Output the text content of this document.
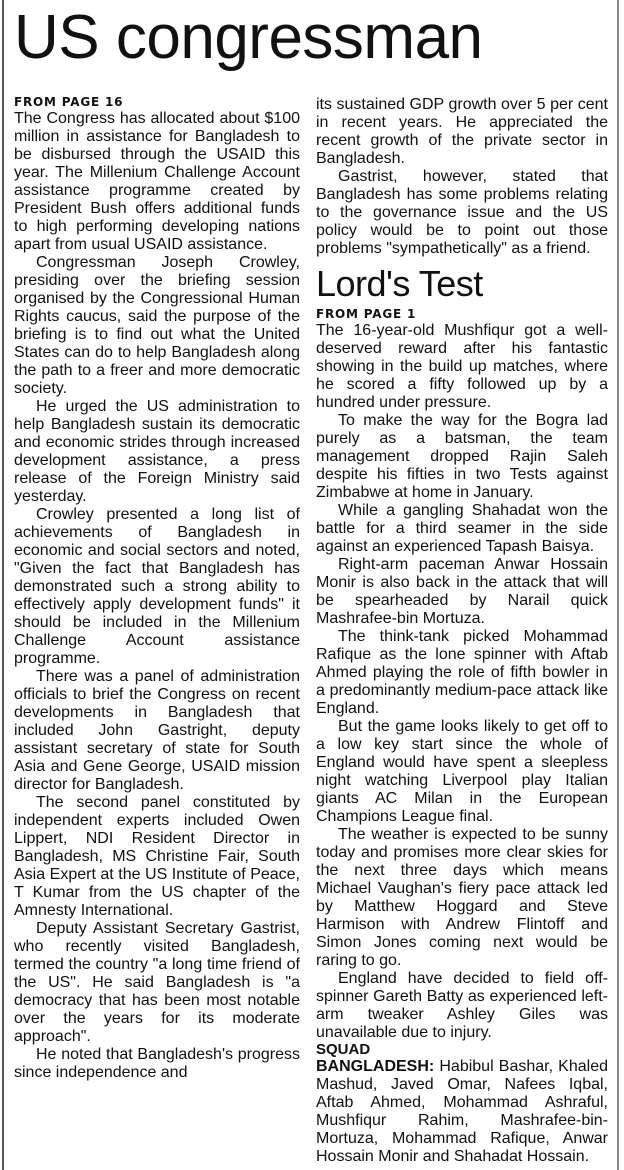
US congressman

FROM PAGE 16

The Congress has allocated about $100 million in assistance for Bangladesh to be disbursed through the USAID this year. The Millenium Challenge Account assistance programme created by President Bush offers additional funds to high performing developing nations apart from usual USAID assistance.

Congressman Joseph Crowley, presiding over the briefing session organised by the Congressional Human Rights caucus, said the purpose of the briefing is to find out what the United States can do to help Bangladesh along the path to a freer and more democratic society.

He urged the US administration to help Bangladesh sustain its democratic and economic strides through increased development assistance, a press release of the Foreign Ministry said yesterday.

Crowley presented a long list of achievements of Bangladesh in economic and social sectors and noted, "Given the fact that Bangladesh has demonstrated such a strong ability to effectively apply development funds" it should be included in the Millenium Challenge Account assistance programme.

There was a panel of administration officials to brief the Congress on recent developments in Bangladesh that included John Gastright, deputy assistant secretary of state for South Asia and Gene George, USAID mission director for Bangladesh.

The second panel constituted by independent experts included Owen Lippert, NDI Resident Director in Bangladesh, MS Christine Fair, South Asia Expert at the US Institute of Peace, T Kumar from the US chapter of the Amnesty International.

Deputy Assistant Secretary Gastrist, who recently visited Bangladesh, termed the country "a long time friend of the US". He said Bangladesh is "a democracy that has been most notable over the years for its moderate approach".

He noted that Bangladesh's progress since independence and

its sustained GDP growth over 5 per cent in recent years. He appreciated the recent growth of the private sector in Bangladesh.

Gastrist, however, stated that Bangladesh has some problems relating to the governance issue and the US policy would be to point out those problems "sympathetically" as a friend.

Lord's Test

FROM PAGE 1

The 16-year-old Mushfiqur got a well-deserved reward after his fantastic showing in the build up matches, where he scored a fifty followed up by a hundred under pressure.

To make the way for the Bogra lad purely as a batsman, the team management dropped Rajin Saleh despite his fifties in two Tests against Zimbabwe at home in January.

While a gangling Shahadat won the battle for a third seamer in the side against an experienced Tapash Baisya.

Right-arm paceman Anwar Hossain Monir is also back in the attack that will be spearheaded by Narail quick Mashrafee-bin Mortuza.

The think-tank picked Mohammad Rafique as the lone spinner with Aftab Ahmed playing the role of fifth bowler in a predominantly medium-pace attack like England.

But the game looks likely to get off to a low key start since the whole of England would have spent a sleepless night watching Liverpool play Italian giants AC Milan in the European Champions League final.

The weather is expected to be sunny today and promises more clear skies for the next three days which means Michael Vaughan's fiery pace attack led by Matthew Hoggard and Steve Harmison with Andrew Flintoff and Simon Jones coming next would be raring to go.

England have decided to field off-spinner Gareth Batty as experienced left-arm tweaker Ashley Giles was unavailable due to injury.

SQUAD

BANGLADESH: Habibul Bashar, Khaled Mashud, Javed Omar, Nafees Iqbal, Aftab Ahmed, Mohammad Ashraful, Mushfiqur Rahim, Mashrafee-bin-Mortuza, Mohammad Rafique, Anwar Hossain Monir and Shahadat Hossain.
